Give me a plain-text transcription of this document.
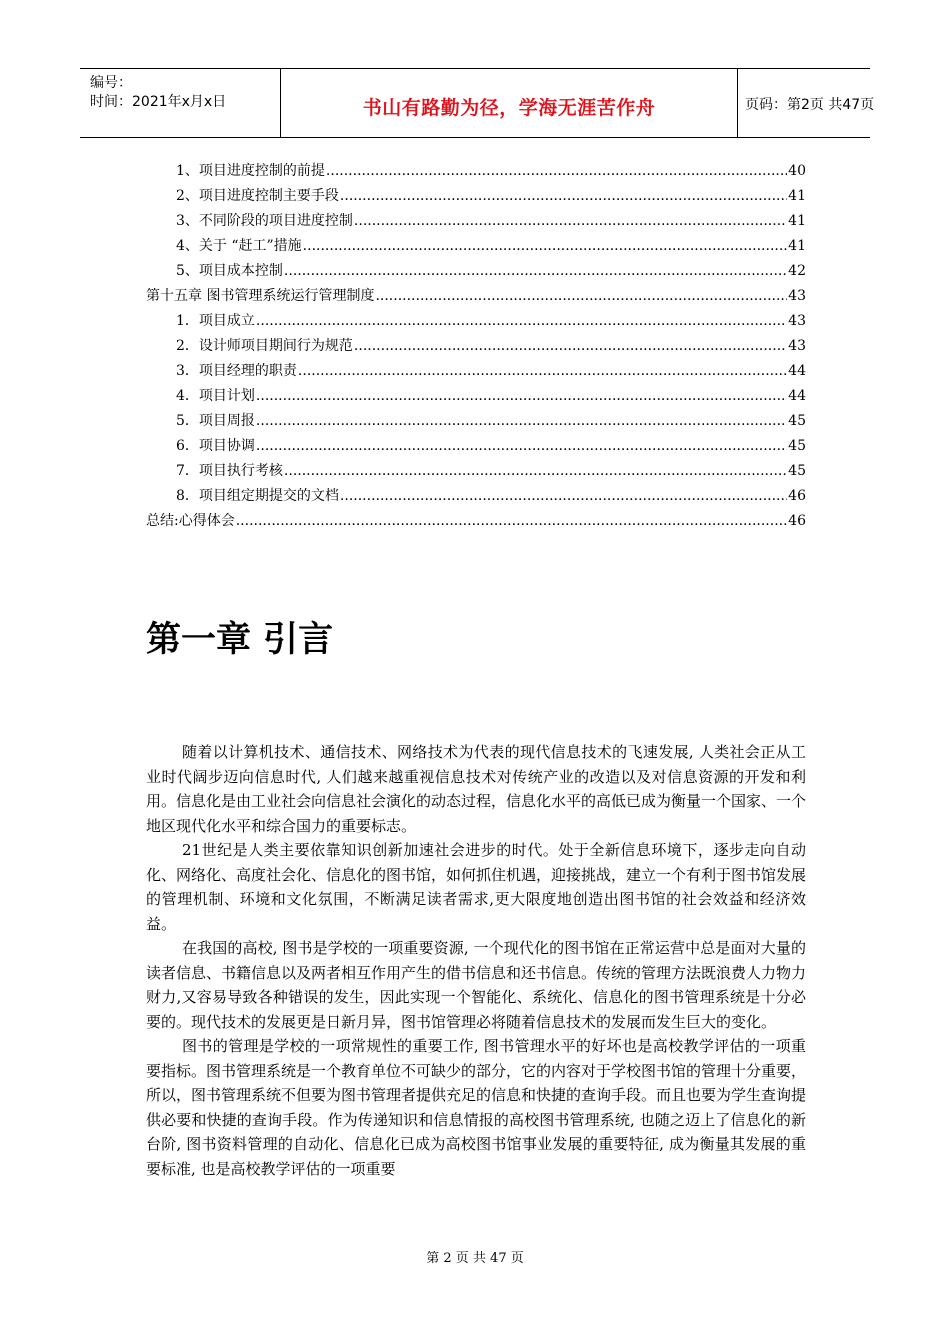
编号：
时间：2021年x月x日	书山有路勤为径，学海无涯苦作舟	页码：第2页 共47页
1、项目进度控制的前提 .....	40
2、项目进度控制主要手段 .....	41
3、不同阶段的项目进度控制 .....	41
4、关于 “赶工”措施 .....	41
5、项目成本控制 .....	42
第十五章 图书管理系统运行管理制度 .....	43
1．项目成立 .....	43
2．设计师项目期间行为规范 .....	43
3．项目经理的职责 .....	44
4．项目计划 .....	44
5．项目周报 .....	45
6．项目协调 .....	45
7．项目执行考核 .....	45
8．项目组定期提交的文档 .....	46
总结:心得体会 .....	46
第一章 引言

随着以计算机技术、通信技术、网络技术为代表的现代信息技术的飞速发展, 人类社会正从工业时代阔步迈向信息时代, 人们越来越重视信息技术对传统产业的改造以及对信息资源的开发和利用。信息化是由工业社会向信息社会演化的动态过程，信息化水平的高低已成为衡量一个国家、一个地区现代化水平和综合国力的重要标志。

21世纪是人类主要依靠知识创新加速社会进步的时代。处于全新信息环境下，逐步走向自动化、网络化、高度社会化、信息化的图书馆，如何抓住机遇，迎接挑战，建立一个有利于图书馆发展的管理机制、环境和文化氛围，不断满足读者需求,更大限度地创造出图书馆的社会效益和经济效益。

在我国的高校, 图书是学校的一项重要资源, 一个现代化的图书馆在正常运营中总是面对大量的读者信息、书籍信息以及两者相互作用产生的借书信息和还书信息。传统的管理方法既浪费人力物力财力,又容易导致各种错误的发生，因此实现一个智能化、系统化、信息化的图书管理系统是十分必要的。现代技术的发展更是日新月异，图书馆管理必将随着信息技术的发展而发生巨大的变化。

图书的管理是学校的一项常规性的重要工作, 图书管理水平的好坏也是高校教学评估的一项重要指标。图书管理系统是一个教育单位不可缺少的部分，它的内容对于学校图书馆的管理十分重要，所以，图书管理系统不但要为图书管理者提供充足的信息和快捷的查询手段。而且也要为学生查询提供必要和快捷的查询手段。作为传递知识和信息情报的高校图书管理系统, 也随之迈上了信息化的新台阶, 图书资料管理的自动化、信息化已成为高校图书馆事业发展的重要特征, 成为衡量其发展的重要标准, 也是高校教学评估的一项重要

第 2 页 共 47 页
